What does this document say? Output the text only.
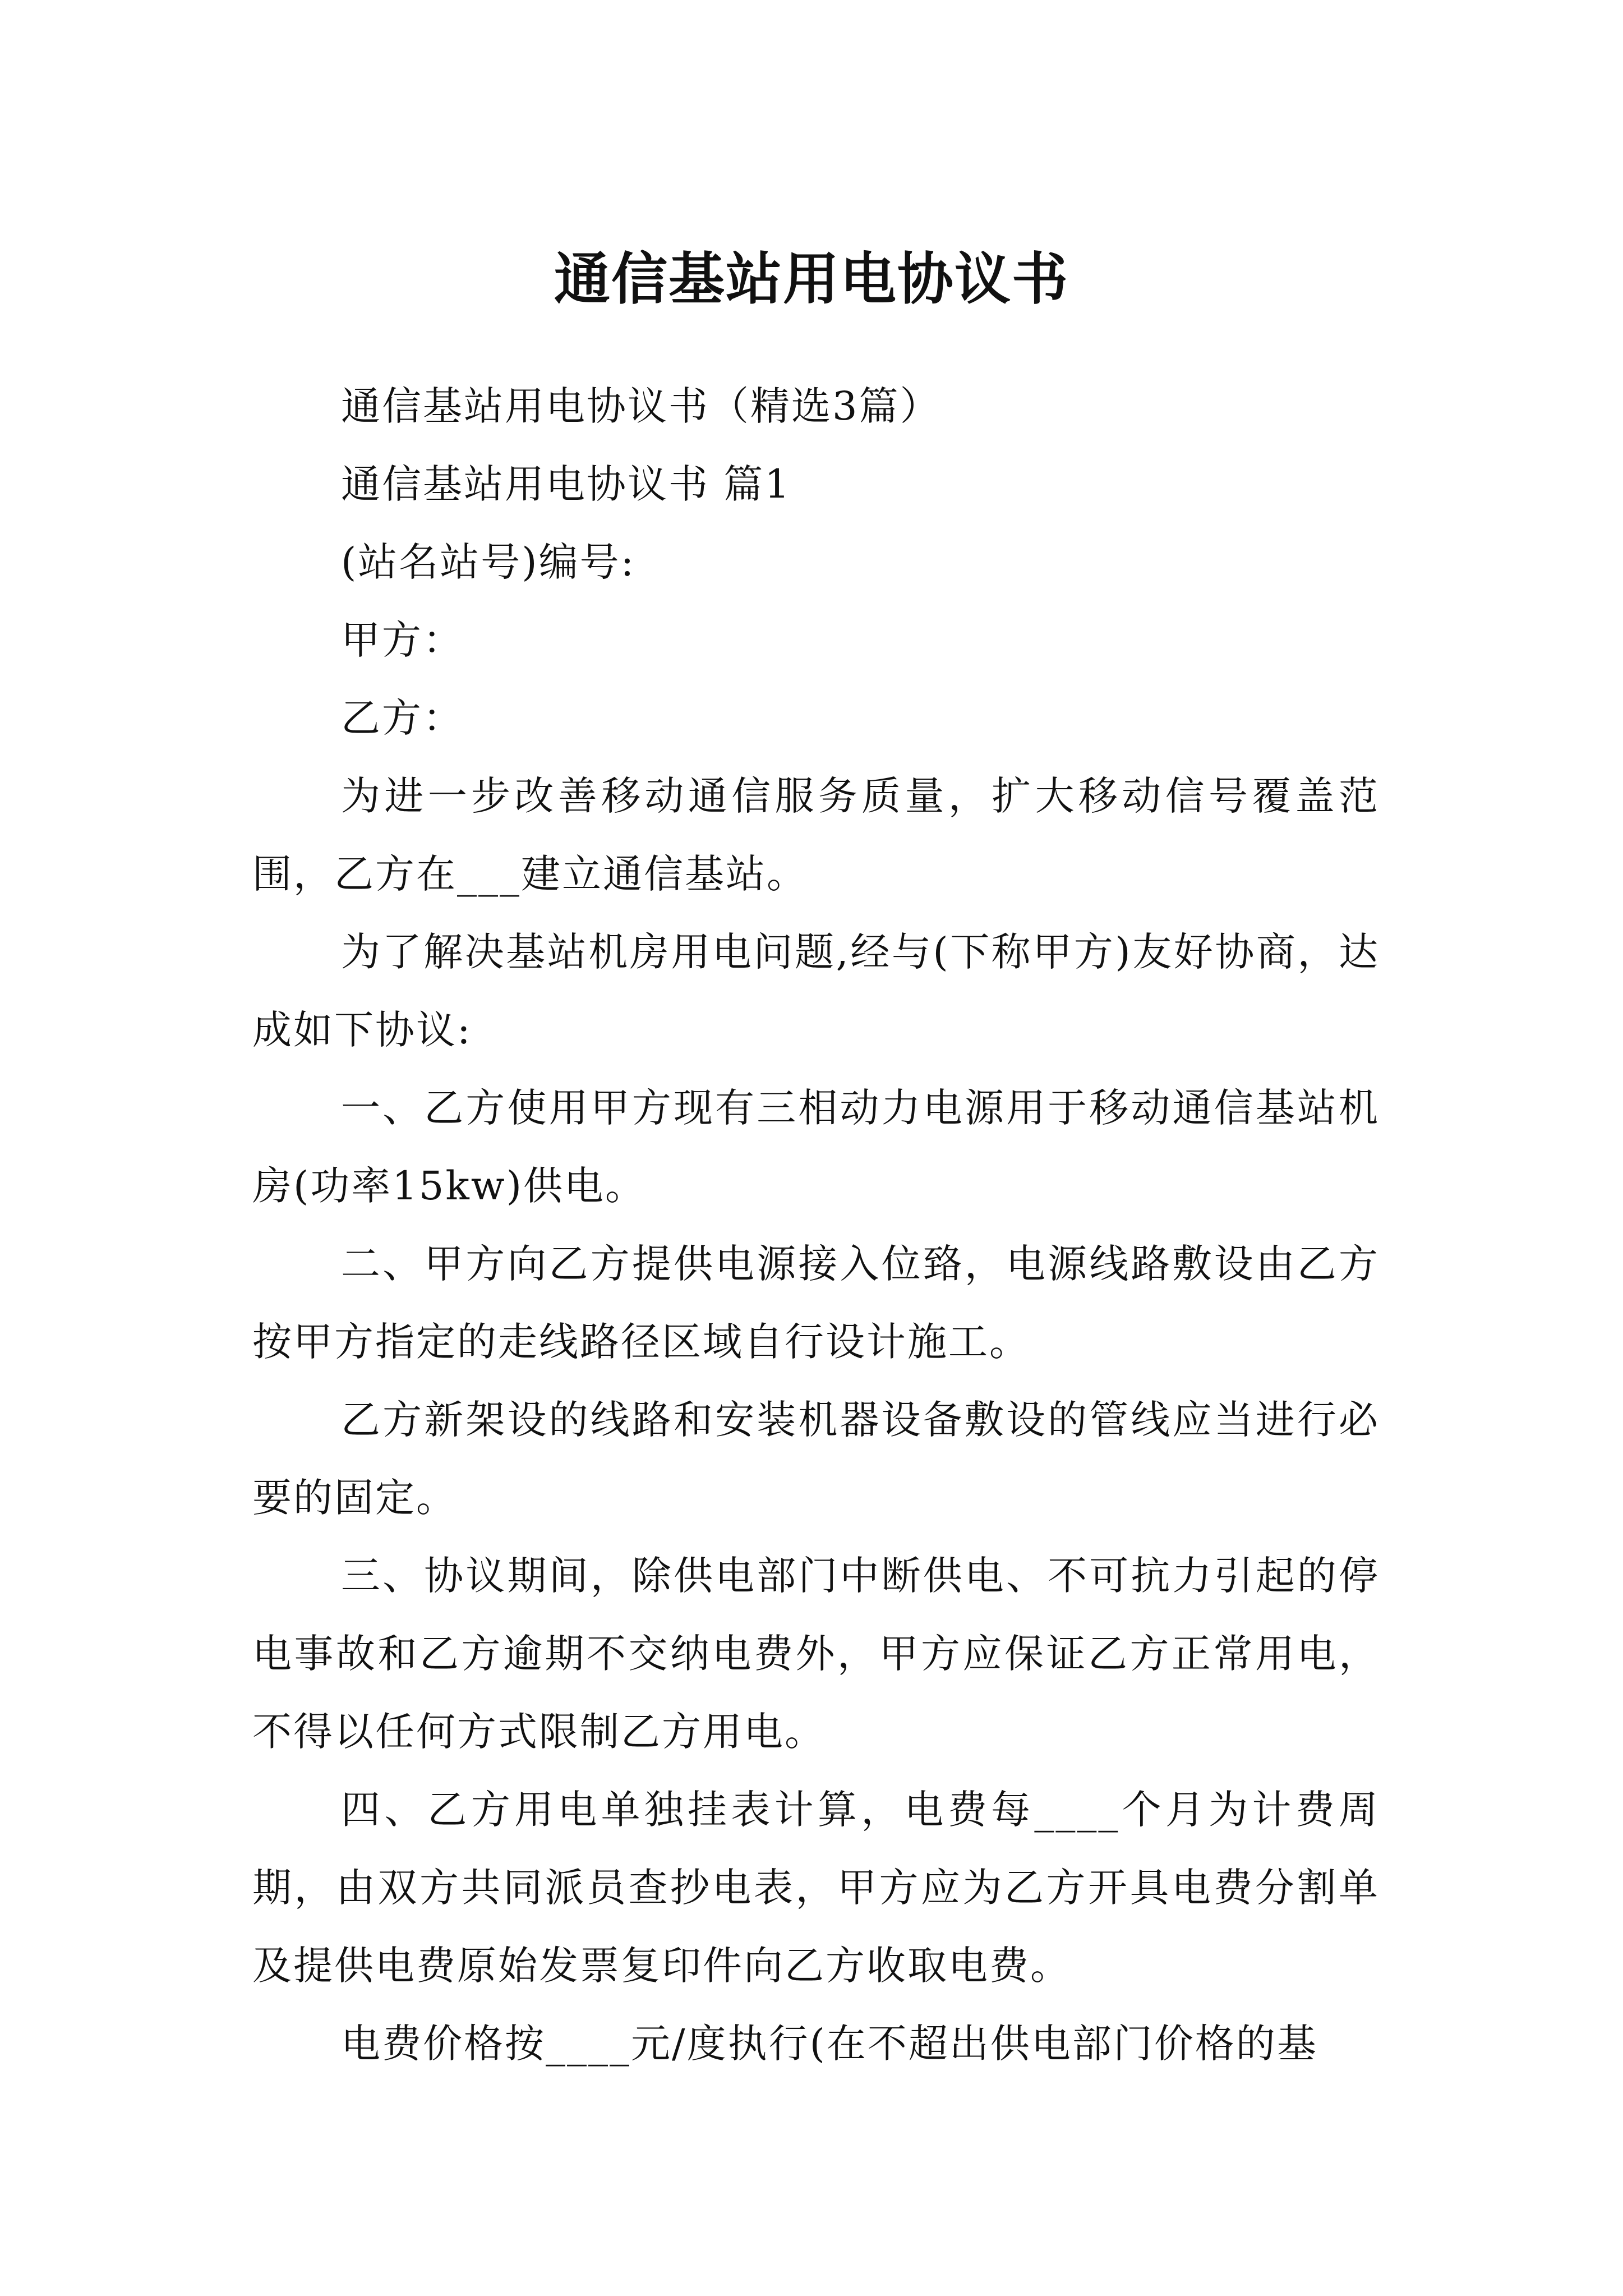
通信基站用电协议书

通信基站用电协议书（精选3篇）

通信基站用电协议书 篇1

(站名站号)编号:

甲方：

乙方：

为进一步改善移动通信服务质量，扩大移动信号覆盖范围，乙方在___建立通信基站。

为了解决基站机房用电问题,经与(下称甲方)友好协商，达成如下协议:

一、乙方使用甲方现有三相动力电源用于移动通信基站机房(功率15kw)供电。

二、甲方向乙方提供电源接入位臵，电源线路敷设由乙方按甲方指定的走线路径区域自行设计施工。

乙方新架设的线路和安装机器设备敷设的管线应当进行必要的固定。

三、协议期间，除供电部门中断供电、不可抗力引起的停电事故和乙方逾期不交纳电费外，甲方应保证乙方正常用电，不得以任何方式限制乙方用电。

四、乙方用电单独挂表计算，电费每____个月为计费周期，由双方共同派员查抄电表，甲方应为乙方开具电费分割单及提供电费原始发票复印件向乙方收取电费。

电费价格按____元/度执行(在不超出供电部门价格的基
